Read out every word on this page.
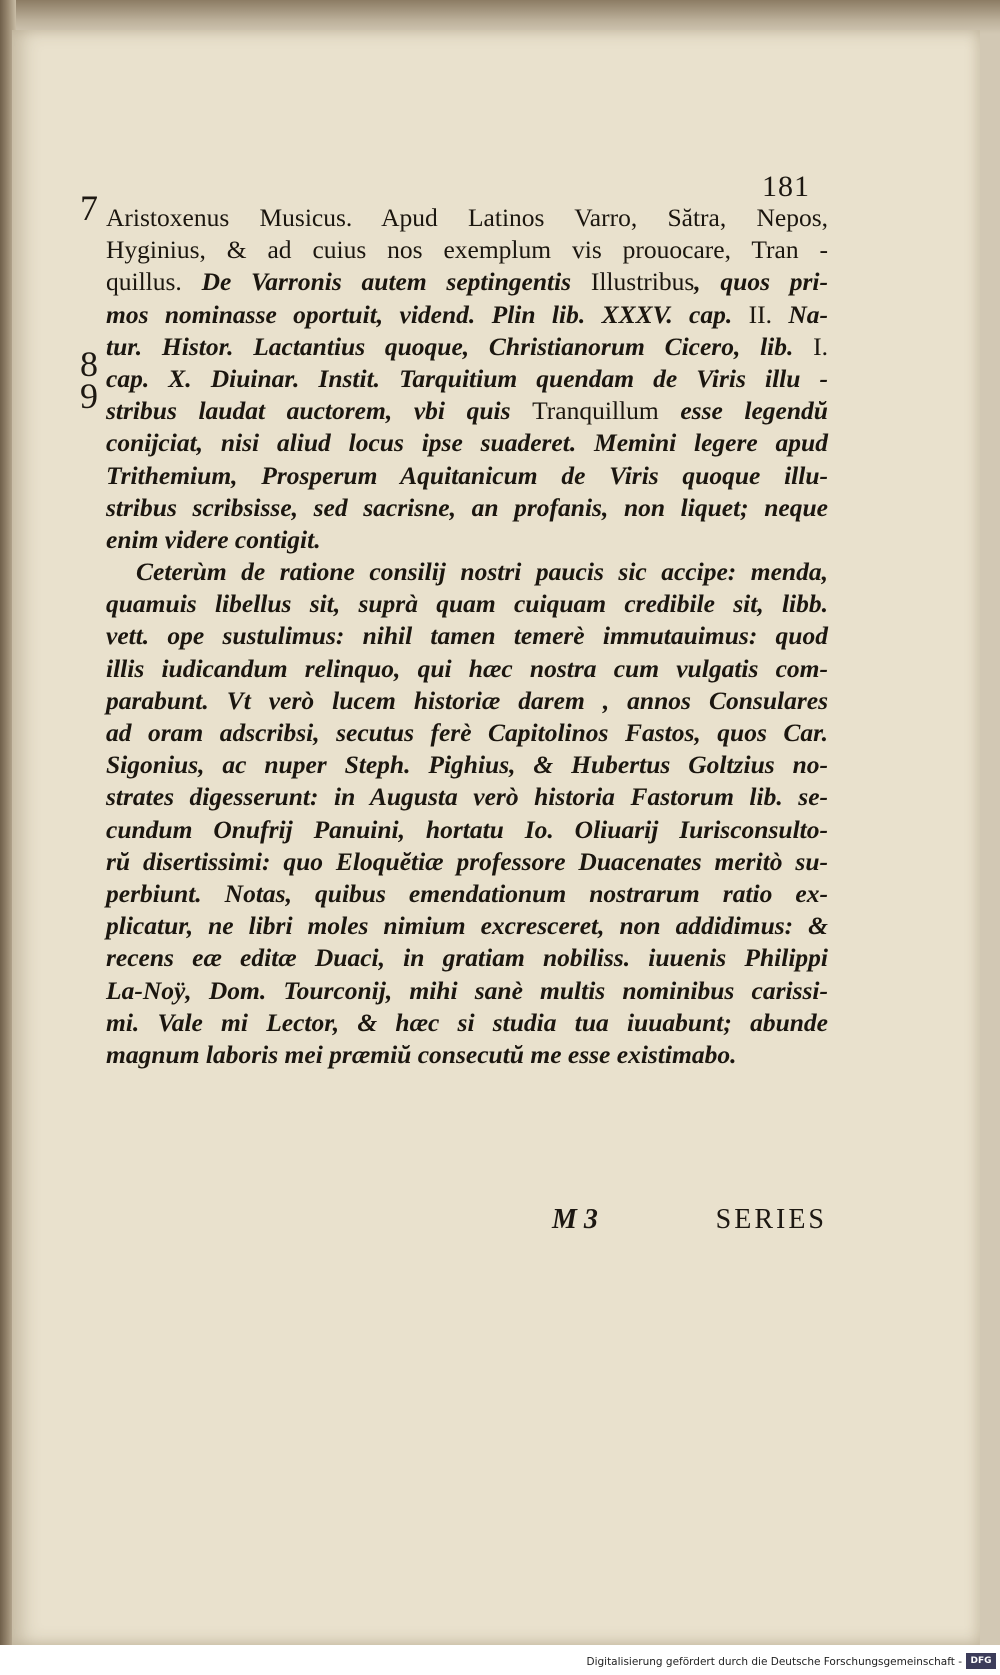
181
7
8
9
Aristoxenus Musicus. Apud Latinos Varro, Sătra, Nepos,
Hyginius, & ad cuius nos exemplum vis prouocare, Tran -
quillus. De Varronis autem septingentis Illustribus, quos pri-
mos nominasse oportuit, vidend. Plin lib. XXXV. cap. II. Na-
tur. Histor. Lactantius quoque, Christianorum Cicero, lib. I.
cap. X. Diuinar. Instit. Tarquitium quendam de Viris illu -
stribus laudat auctorem, vbi quis Tranquillum esse legendŭ
conijciat, nisi aliud locus ipse suaderet. Memini legere apud
Trithemium, Prosperum Aquitanicum de Viris quoque illu-
stribus scribsisse, sed sacrisne, an profanis, non liquet; neque
enim videre contigit.
Ceterùm de ratione consilij nostri paucis sic accipe: menda,
quamuis libellus sit, suprà quam cuiquam credibile sit, libb.
vett. ope sustulimus: nihil tamen temerè immutauimus: quod
illis iudicandum relinquo, qui hæc nostra cum vulgatis com-
parabunt. Vt verò lucem historiæ darem , annos Consulares
ad oram adscribsi, secutus ferè Capitolinos Fastos, quos Car.
Sigonius, ac nuper Steph. Pighius, & Hubertus Goltzius no-
strates digesserunt: in Augusta verò historia Fastorum lib. se-
cundum Onufrij Panuini, hortatu Io. Oliuarij Iurisconsulto-
rŭ disertissimi: quo Eloquĕtiæ professore Duacenates meritò su-
perbiunt. Notas, quibus emendationum nostrarum ratio ex-
plicatur, ne libri moles nimium excresceret, non addidimus: &
recens eæ editæ Duaci, in gratiam nobiliss. iuuenis Philippi
La-Noÿ, Dom. Tourconij, mihi sanè multis nominibus carissi-
mi. Vale mi Lector, & hæc si studia tua iuuabunt; abunde
magnum laboris mei præmiŭ consecutŭ me esse existimabo.
M 3	SERIES
Digitalisierung gefördert durch die Deutsche Forschungsgemeinschaft - DFG
